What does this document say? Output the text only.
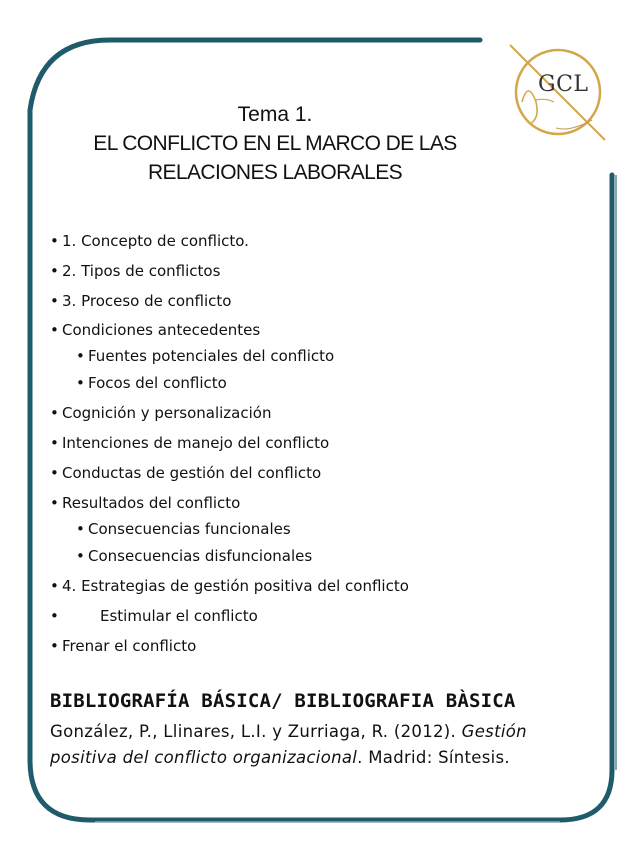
GCL
Tema 1.
EL CONFLICTO EN EL MARCO DE LAS
RELACIONES LABORALES
• 1. Concepto de conflicto.
• 2. Tipos de conflictos
• 3. Proceso de conflicto
• Condiciones antecedentes
• Fuentes potenciales del conflicto
• Focos del conflicto
• Cognición y personalización
• Intenciones de manejo del conflicto
• Conductas de gestión del conflicto
• Resultados del conflicto
• Consecuencias funcionales
• Consecuencias disfuncionales
• 4. Estrategias de gestión positiva del conflicto
•	Estimular el conflicto
• Frenar el conflicto
BIBLIOGRAFÍA BÁSICA/ BIBLIOGRAFIA BÀSICA
González, P., Llinares, L.I. y Zurriaga, R. (2012). Gestión
positiva del conflicto organizacional. Madrid: Síntesis.
